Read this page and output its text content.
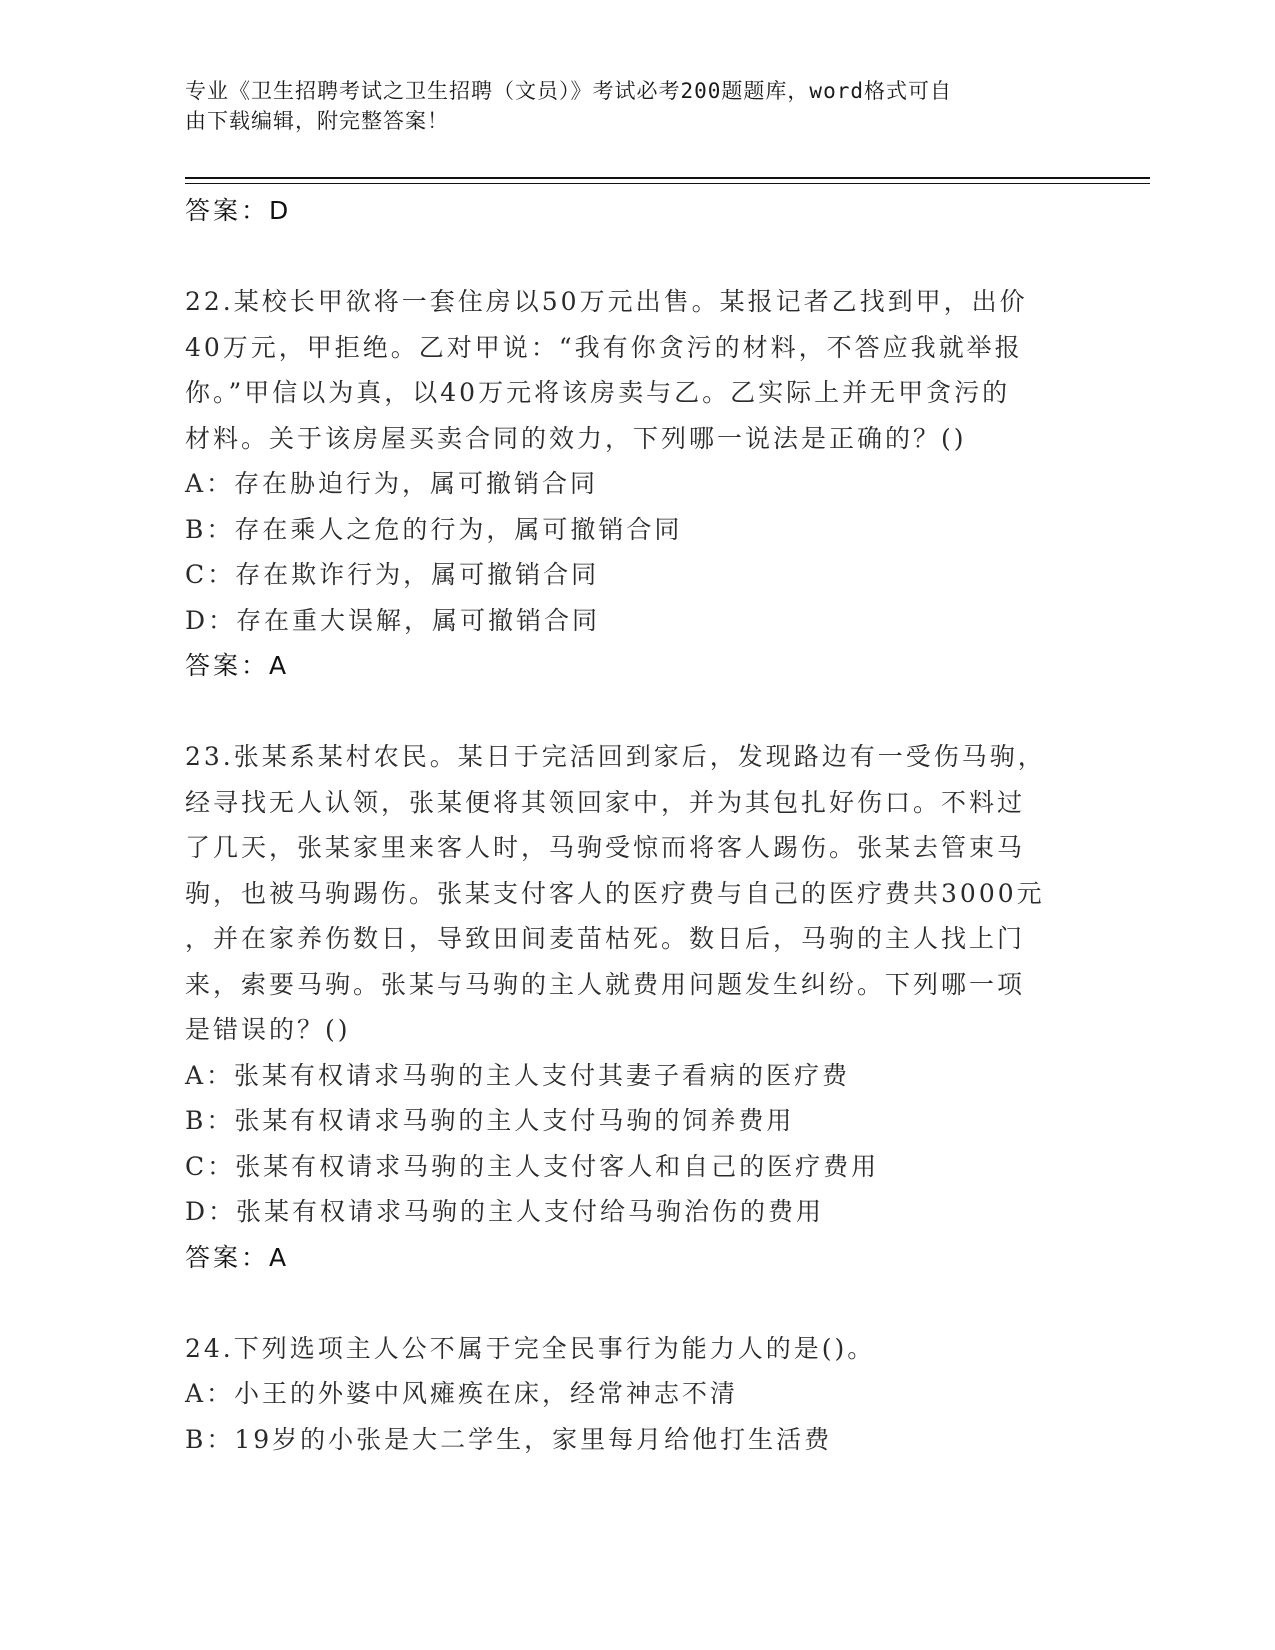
专业《卫生招聘考试之卫生招聘（文员）》考试必考200题题库，word格式可自
由下载编辑，附完整答案！
答案：D
22.某校长甲欲将一套住房以50万元出售。某报记者乙找到甲，出价
40万元，甲拒绝。乙对甲说：“我有你贪污的材料，不答应我就举报
你。”甲信以为真，以40万元将该房卖与乙。乙实际上并无甲贪污的
材料。关于该房屋买卖合同的效力，下列哪一说法是正确的？()
A：存在胁迫行为，属可撤销合同
B：存在乘人之危的行为，属可撤销合同
C：存在欺诈行为，属可撤销合同
D：存在重大误解，属可撤销合同
答案：A
23.张某系某村农民。某日于完活回到家后，发现路边有一受伤马驹，
经寻找无人认领，张某便将其领回家中，并为其包扎好伤口。不料过
了几天，张某家里来客人时，马驹受惊而将客人踢伤。张某去管束马
驹，也被马驹踢伤。张某支付客人的医疗费与自己的医疗费共3000元
，并在家养伤数日，导致田间麦苗枯死。数日后，马驹的主人找上门
来，索要马驹。张某与马驹的主人就费用问题发生纠纷。下列哪一项
是错误的？()
A：张某有权请求马驹的主人支付其妻子看病的医疗费
B：张某有权请求马驹的主人支付马驹的饲养费用
C：张某有权请求马驹的主人支付客人和自己的医疗费用
D：张某有权请求马驹的主人支付给马驹治伤的费用
答案：A
24.下列选项主人公不属于完全民事行为能力人的是()。
A：小王的外婆中风瘫痪在床，经常神志不清
B：19岁的小张是大二学生，家里每月给他打生活费
